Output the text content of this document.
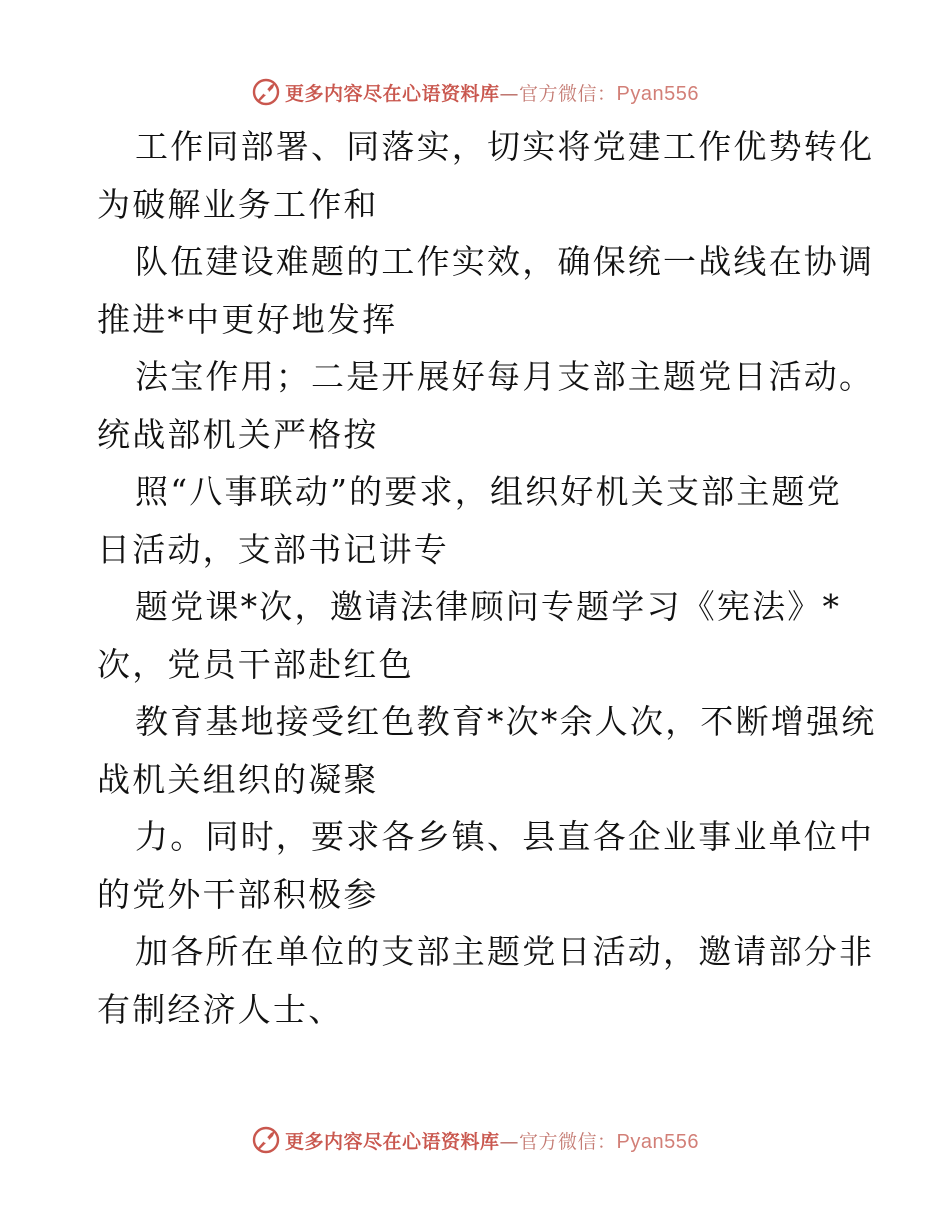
更多内容尽在心语资料库—官方微信：Pyan556
工作同部署、同落实，切实将党建工作优势转化
为破解业务工作和
队伍建设难题的工作实效，确保统一战线在协调
推进*中更好地发挥
法宝作用；二是开展好每月支部主题党日活动。
统战部机关严格按
照“八事联动”的要求，组织好机关支部主题党
日活动，支部书记讲专
题党课*次，邀请法律顾问专题学习《宪法》*
次，党员干部赴红色
教育基地接受红色教育*次*余人次，不断增强统
战机关组织的凝聚
力。同时，要求各乡镇、县直各企业事业单位中
的党外干部积极参
加各所在单位的支部主题党日活动，邀请部分非
有制经济人士、
更多内容尽在心语资料库—官方微信：Pyan556
